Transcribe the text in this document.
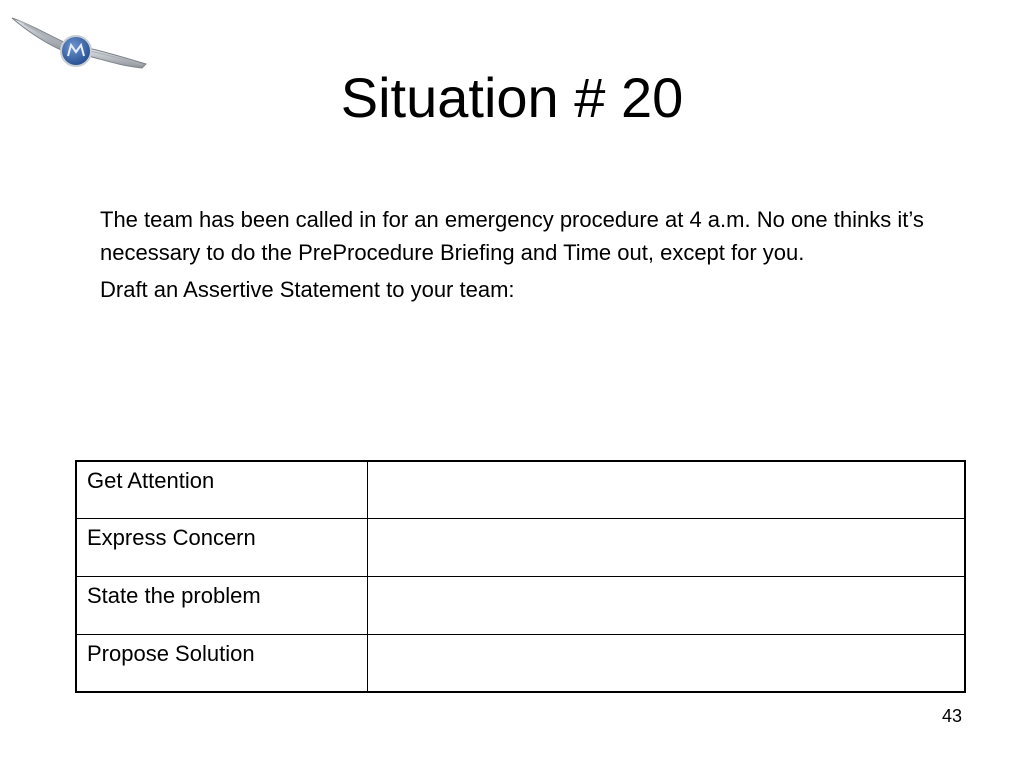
Situation # 20

The team has been called in for an emergency procedure at 4 a.m. No one thinks it’s necessary to do the PreProcedure Briefing and Time out, except for you.

Draft an Assertive Statement to your team:

Get Attention	
Express Concern	
State the problem	
Propose Solution	
43
